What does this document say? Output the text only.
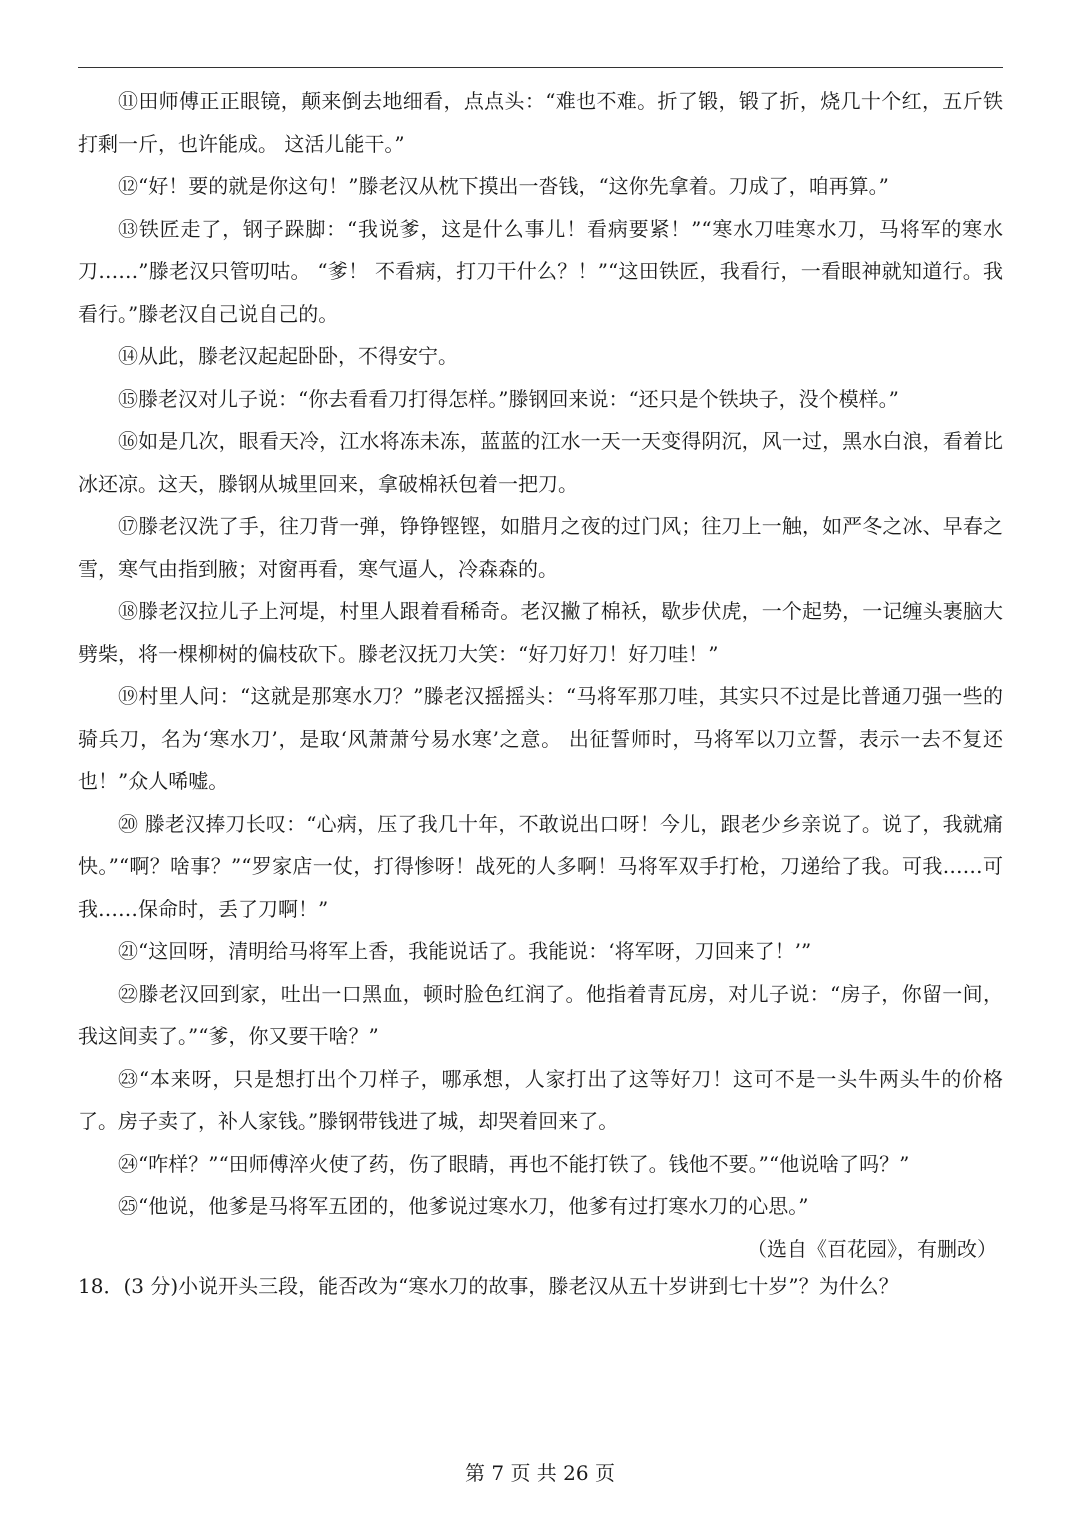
⑪田师傅正正眼镜，颠来倒去地细看，点点头：“难也不难。折了锻，锻了折，烧几十个红，五斤铁打剩一斤，也许能成。 这活儿能干。”

⑫“好！要的就是你这句！”滕老汉从枕下摸出一沓钱，“这你先拿着。刀成了，咱再算。”

⑬铁匠走了，钢子跺脚：“我说爹，这是什么事儿！看病要紧！”“寒水刀哇寒水刀，马将军的寒水刀……”滕老汉只管叨咕。 “爹！ 不看病，打刀干什么？！”“这田铁匠，我看行，一看眼神就知道行。我看行。”滕老汉自己说自己的。

⑭从此，滕老汉起起卧卧，不得安宁。

⑮滕老汉对儿子说：“你去看看刀打得怎样。”滕钢回来说：“还只是个铁块子，没个模样。”

⑯如是几次，眼看天冷，江水将冻未冻，蓝蓝的江水一天一天变得阴沉，风一过，黑水白浪，看着比冰还凉。这天，滕钢从城里回来，拿破棉袄包着一把刀。

⑰滕老汉洗了手，往刀背一弹，铮铮铿铿，如腊月之夜的过门风；往刀上一触，如严冬之冰、早春之雪，寒气由指到腋；对窗再看，寒气逼人，冷森森的。

⑱滕老汉拉儿子上河堤，村里人跟着看稀奇。老汉撇了棉袄，歇步伏虎，一个起势，一记缠头裹脑大劈柴，将一棵柳树的偏枝砍下。滕老汉抚刀大笑：“好刀好刀！好刀哇！”

⑲村里人问：“这就是那寒水刀？”滕老汉摇摇头：“马将军那刀哇，其实只不过是比普通刀强一些的骑兵刀，名为‘寒水刀’，是取‘风萧萧兮易水寒’之意。 出征誓师时，马将军以刀立誓，表示一去不复还也！”众人唏嘘。

⑳ 滕老汉捧刀长叹：“心病，压了我几十年，不敢说出口呀！今儿，跟老少乡亲说了。说了，我就痛快。”“啊？啥事？”“罗家店一仗，打得惨呀！战死的人多啊！马将军双手打枪，刀递给了我。可我……可我……保命时，丢了刀啊！”

㉑“这回呀，清明给马将军上香，我能说话了。我能说：‘将军呀，刀回来了！’”

㉒滕老汉回到家，吐出一口黑血，顿时脸色红润了。他指着青瓦房，对儿子说：“房子，你留一间，我这间卖了。”“爹，你又要干啥？”

㉓“本来呀，只是想打出个刀样子，哪承想，人家打出了这等好刀！这可不是一头牛两头牛的价格了。房子卖了，补人家钱。”滕钢带钱进了城，却哭着回来了。

㉔“咋样？”“田师傅淬火使了药，伤了眼睛，再也不能打铁了。钱他不要。”“他说啥了吗？”

㉕“他说，他爹是马将军五团的，他爹说过寒水刀，他爹有过打寒水刀的心思。”

（选自《百花园》，有删改）

18．(3 分)小说开头三段，能否改为“寒水刀的故事，滕老汉从五十岁讲到七十岁”？为什么？

第 7 页 共 26 页
